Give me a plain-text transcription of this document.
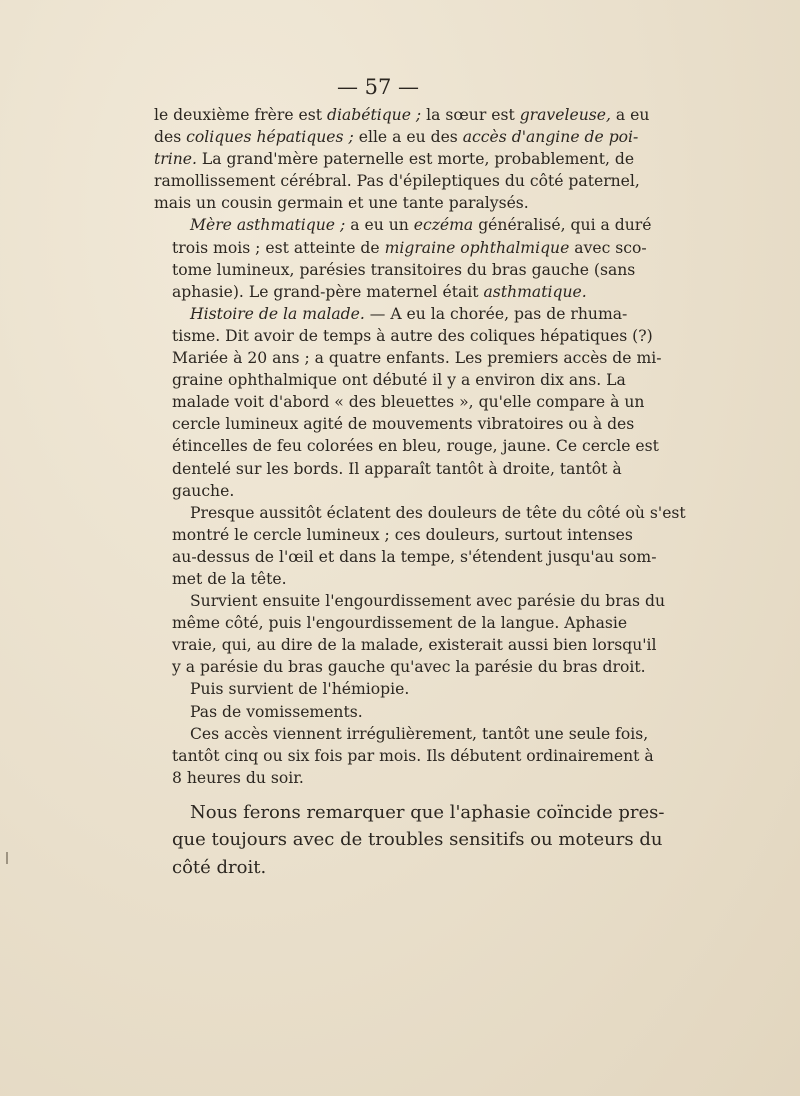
— 57 —
le deuxième frère est diabétique ; la sœur est graveleuse, a eu
des coliques hépatiques ; elle a eu des accès d'angine de poi-
trine. La grand'mère paternelle est morte, probablement, de
ramollissement cérébral. Pas d'épileptiques du côté paternel,
mais un cousin germain et une tante paralysés.
Mère asthmatique ; a eu un eczéma généralisé, qui a duré
trois mois ; est atteinte de migraine ophthalmique avec sco-
tome lumineux, parésies transitoires du bras gauche (sans
aphasie). Le grand-père maternel était asthmatique.
Histoire de la malade. — A eu la chorée, pas de rhuma-
tisme. Dit avoir de temps à autre des coliques hépatiques (?)
Mariée à 20 ans ; a quatre enfants. Les premiers accès de mi-
graine ophthalmique ont débuté il y a environ dix ans. La
malade voit d'abord « des bleuettes », qu'elle compare à un
cercle lumineux agité de mouvements vibratoires ou à des
étincelles de feu colorées en bleu, rouge, jaune. Ce cercle est
dentelé sur les bords. Il apparaît tantôt à droite, tantôt à
gauche.
Presque aussitôt éclatent des douleurs de tête du côté où s'est
montré le cercle lumineux ; ces douleurs, surtout intenses
au-dessus de l'œil et dans la tempe, s'étendent jusqu'au som-
met de la tête.
Survient ensuite l'engourdissement avec parésie du bras du
même côté, puis l'engourdissement de la langue. Aphasie
vraie, qui, au dire de la malade, existerait aussi bien lorsqu'il
y a parésie du bras gauche qu'avec la parésie du bras droit.
Puis survient de l'hémiopie.
Pas de vomissements.
Ces accès viennent irrégulièrement, tantôt une seule fois,
tantôt cinq ou six fois par mois. Ils débutent ordinairement à
8 heures du soir.
Nous ferons remarquer que l'aphasie coïncide pres-
que toujours avec de troubles sensitifs ou moteurs du
côté droit.
